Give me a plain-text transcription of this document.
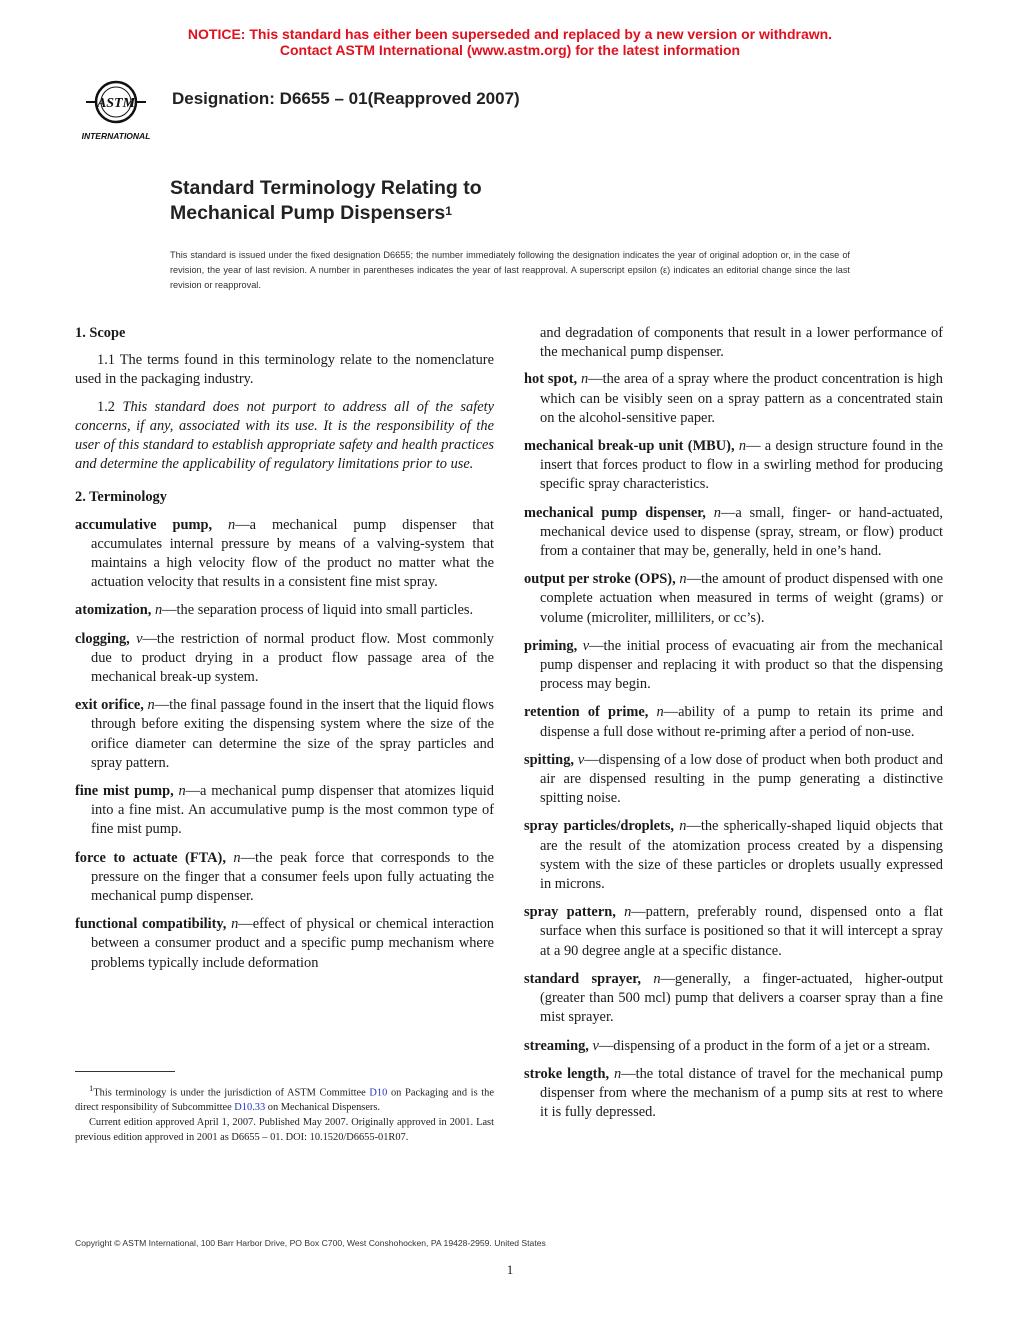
NOTICE: This standard has either been superseded and replaced by a new version or withdrawn.
Contact ASTM International (www.astm.org) for the latest information
ASTM
INTERNATIONAL
Designation: D6655 – 01(Reapproved 2007)
Standard Terminology Relating to
Mechanical Pump Dispensers$^1$
This standard is issued under the fixed designation D6655; the number immediately following the designation indicates the year of original adoption or, in the case of revision, the year of last revision. A number in parentheses indicates the year of last reapproval. A superscript epsilon (ε) indicates an editorial change since the last revision or reapproval.
1. Scope
1.1 The terms found in this terminology relate to the nomenclature used in the packaging industry.
1.2 This standard does not purport to address all of the safety concerns, if any, associated with its use. It is the responsibility of the user of this standard to establish appropriate safety and health practices and determine the applicability of regulatory limitations prior to use.
2. Terminology
accumulative pump, n—a mechanical pump dispenser that accumulates internal pressure by means of a valving-system that maintains a high velocity flow of the product no matter what the actuation velocity that results in a consistent fine mist spray.
atomization, n—the separation process of liquid into small particles.
clogging, v—the restriction of normal product flow. Most commonly due to product drying in a product flow passage area of the mechanical break-up system.
exit orifice, n—the final passage found in the insert that the liquid flows through before exiting the dispensing system where the size of the orifice diameter can determine the size of the spray particles and spray pattern.
fine mist pump, n—a mechanical pump dispenser that atomizes liquid into a fine mist. An accumulative pump is the most common type of fine mist pump.
force to actuate (FTA), n—the peak force that corresponds to the pressure on the finger that a consumer feels upon fully actuating the mechanical pump dispenser.
functional compatibility, n—effect of physical or chemical interaction between a consumer product and a specific pump mechanism where problems typically include deformation
and degradation of components that result in a lower performance of the mechanical pump dispenser.
hot spot, n—the area of a spray where the product concentration is high which can be visibly seen on a spray pattern as a concentrated stain on the alcohol-sensitive paper.
mechanical break-up unit (MBU), n— a design structure found in the insert that forces product to flow in a swirling method for producing specific spray characteristics.
mechanical pump dispenser, n—a small, finger- or hand-actuated, mechanical device used to dispense (spray, stream, or flow) product from a container that may be, generally, held in one’s hand.
output per stroke (OPS), n—the amount of product dispensed with one complete actuation when measured in terms of weight (grams) or volume (microliter, milliliters, or cc’s).
priming, v—the initial process of evacuating air from the mechanical pump dispenser and replacing it with product so that the dispensing process may begin.
retention of prime, n—ability of a pump to retain its prime and dispense a full dose without re-priming after a period of non-use.
spitting, v—dispensing of a low dose of product when both product and air are dispensed resulting in the pump generating a distinctive spitting noise.
spray particles/droplets, n—the spherically-shaped liquid objects that are the result of the atomization process created by a dispensing system with the size of these particles or droplets usually expressed in microns.
spray pattern, n—pattern, preferably round, dispensed onto a flat surface when this surface is positioned so that it will intercept a spray at a 90 degree angle at a specific distance.
standard sprayer, n—generally, a finger-actuated, higher-output (greater than 500 mcl) pump that delivers a coarser spray than a fine mist sprayer.
streaming, v—dispensing of a product in the form of a jet or a stream.
stroke length, n—the total distance of travel for the mechanical pump dispenser from where the mechanism of a pump sits at rest to where it is fully depressed.
$^1$This terminology is under the jurisdiction of ASTM Committee D10 on Packaging and is the direct responsibility of Subcommittee D10.33 on Mechanical Dispensers.
Current edition approved April 1, 2007. Published May 2007. Originally approved in 2001. Last previous edition approved in 2001 as D6655 – 01. DOI: 10.1520/D6655-01R07.
Copyright © ASTM International, 100 Barr Harbor Drive, PO Box C700, West Conshohocken, PA 19428-2959. United States
1
